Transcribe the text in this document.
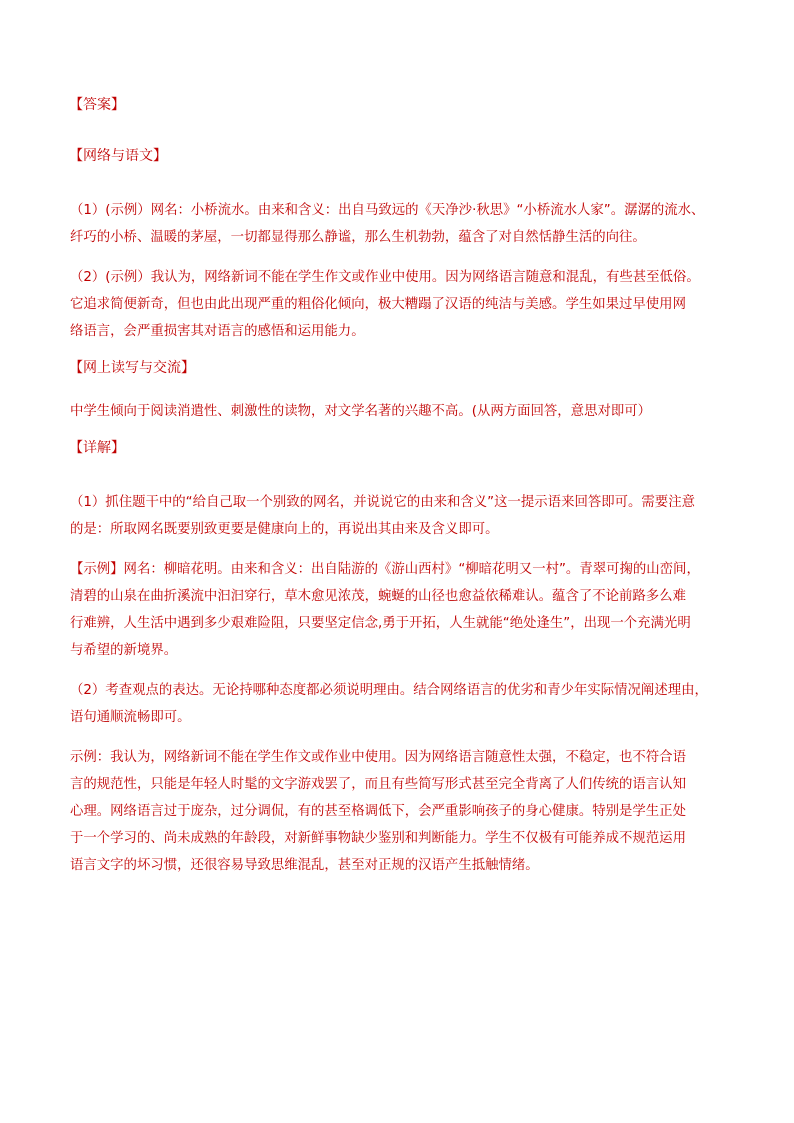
【答案】
【网络与语文】
（1）(示例）网名：小桥流水。由来和含义：出自马致远的《天净沙·秋思》“小桥流水人家”。潺潺的流水、
纤巧的小桥、温暖的茅屋，一切都显得那么静谧，那么生机勃勃，蕴含了对自然恬静生活的向往。
（2）(示例）我认为，网络新词不能在学生作文或作业中使用。因为网络语言随意和混乱，有些甚至低俗。
它追求简便新奇，但也由此出现严重的粗俗化倾向，极大糟蹋了汉语的纯洁与美感。学生如果过早使用网
络语言，会严重损害其对语言的感悟和运用能力。
【网上读写与交流】
中学生倾向于阅读消遣性、刺激性的读物，对文学名著的兴趣不高。(从两方面回答，意思对即可）
【详解】
（1）抓住题干中的“给自己取一个别致的网名，并说说它的由来和含义”这一提示语来回答即可。需要注意
的是：所取网名既要别致更要是健康向上的，再说出其由来及含义即可。
【示例】网名：柳暗花明。由来和含义：出自陆游的《游山西村》“柳暗花明又一村”。青翠可掬的山峦间，
清碧的山泉在曲折溪流中汩汩穿行，草木愈见浓茂，蜿蜒的山径也愈益依稀难认。蕴含了不论前路多么难
行难辨，人生活中遇到多少艰难险阻，只要坚定信念,勇于开拓，人生就能“绝处逢生”，出现一个充满光明
与希望的新境界。
（2）考查观点的表达。无论持哪种态度都必须说明理由。结合网络语言的优劣和青少年实际情况阐述理由，
语句通顺流畅即可。
示例：我认为，网络新词不能在学生作文或作业中使用。因为网络语言随意性太强，不稳定，也不符合语
言的规范性，只能是年轻人时髦的文字游戏罢了，而且有些简写形式甚至完全背离了人们传统的语言认知
心理。网络语言过于庞杂，过分调侃，有的甚至格调低下，会严重影响孩子的身心健康。特别是学生正处
于一个学习的、尚未成熟的年龄段，对新鲜事物缺少鉴别和判断能力。学生不仅极有可能养成不规范运用
语言文字的坏习惯，还很容易导致思维混乱，甚至对正规的汉语产生抵触情绪。
